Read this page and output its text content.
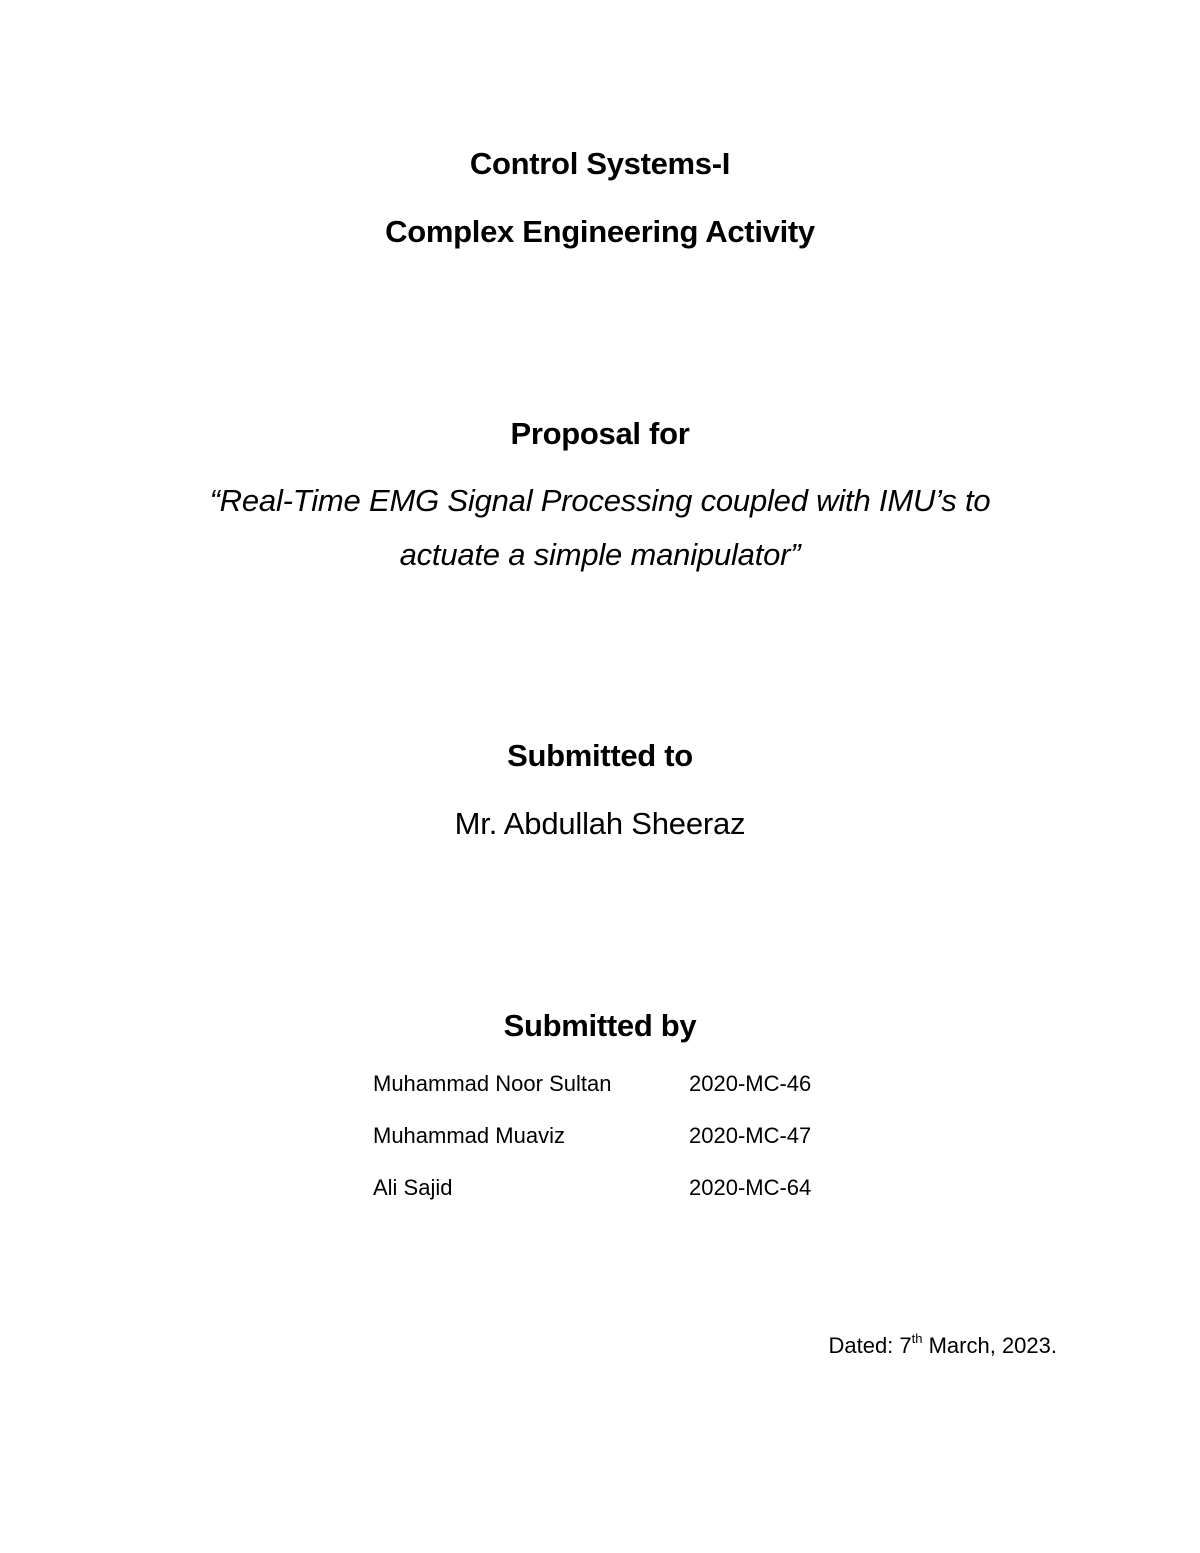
Control Systems-I
Complex Engineering Activity
Proposal for
“Real-Time EMG Signal Processing coupled with IMU’s to
actuate a simple manipulator”
Submitted to
Mr. Abdullah Sheeraz
Submitted by
Muhammad Noor Sultan	2020-MC-46
Muhammad Muaviz	2020-MC-47
Ali Sajid	2020-MC-64
Dated: 7th March, 2023.
